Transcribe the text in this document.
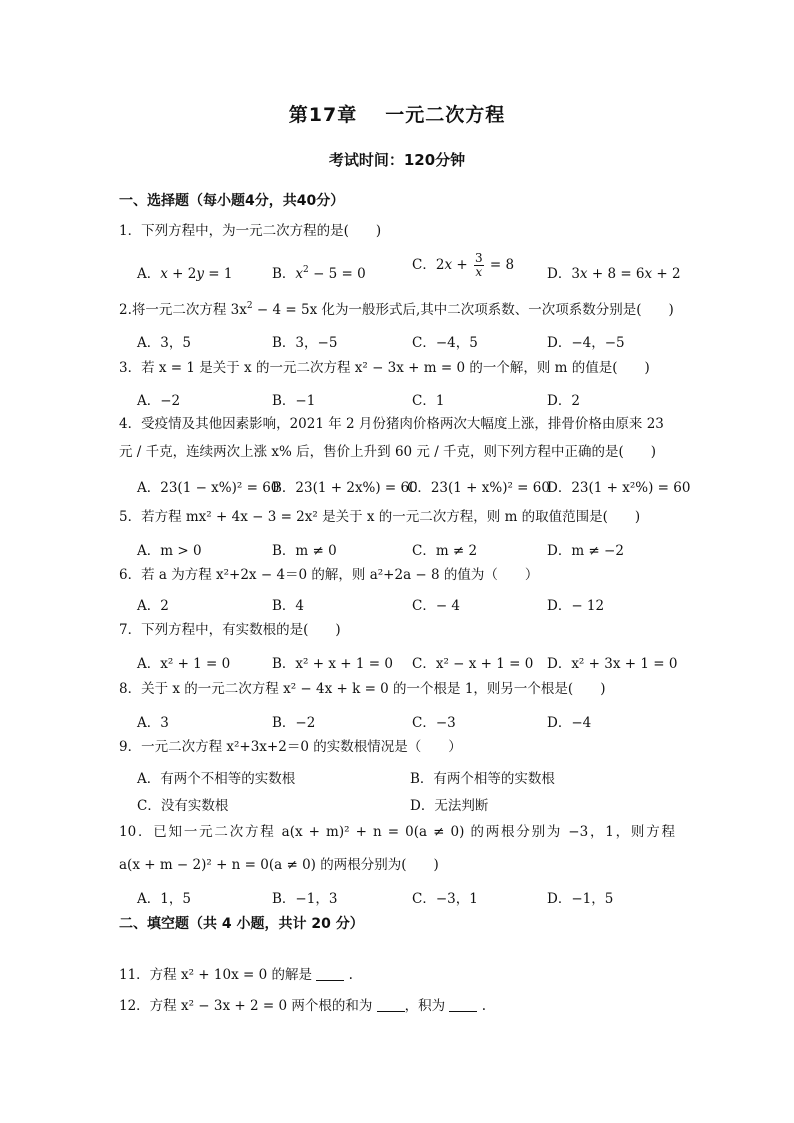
第17章 一元二次方程
考试时间：120分钟
一、选择题（每小题4分，共40分）
1．下列方程中，为一元二次方程的是(　　)
A．x + 2y = 1	B．$x^2 - 5 = 0$
C．$2x + \frac{3}{x} = 8$
D．3x + 8 = 6x + 2
2.将一元二次方程 $3x^2 - 4 = 5x$ 化为一般形式后,其中二次项系数、一次项系数分别是(　　)
A．3，5	B．3，−5	C．−4，5	D．−4，−5
3．若 x = 1 是关于 x 的一元二次方程 x² − 3x + m = 0 的一个解，则 m 的值是(　　)
A．−2	B．−1	C．1	D．2
4．受疫情及其他因素影响，2021 年 2 月份猪肉价格两次大幅度上涨，排骨价格由原来 23
元 / 千克，连续两次上涨 x% 后，售价上升到 60 元 / 千克，则下列方程中正确的是(　　)
A．23(1 − x%)² = 60
B．23(1 + 2x%) = 60
C．23(1 + x%)² = 60
D．23(1 + x²%) = 60
5．若方程 mx² + 4x − 3 = 2x² 是关于 x 的一元二次方程，则 m 的取值范围是(　　)
A．m > 0	B．m ≠ 0	C．m ≠ 2	D．m ≠ −2
6．若 a 为方程 x²+2x − 4＝0 的解，则 a²+2a − 8 的值为（　　）
A．2	B．4	C．− 4	D．− 12
7．下列方程中，有实数根的是(　　)
A．x² + 1 = 0	B．x² + x + 1 = 0 C．x² − x + 1 = 0 D．x² + 3x + 1 = 0
8．关于 x 的一元二次方程 x² − 4x + k = 0 的一个根是 1，则另一个根是(　　)
A．3	B．−2	C．−3	D．−4
9．一元二次方程 x²+3x+2＝0 的实数根情况是（　　）
A．有两个不相等的实数根	B．有两个相等的实数根
C．没有实数根	D．无法判断
10．已知一元二次方程 a(x + m)² + n = 0(a ≠ 0) 的两根分别为 −3，1，则方程
a(x + m − 2)² + n = 0(a ≠ 0) 的两根分别为(　　)
A．1，5	B．−1，3	C．−3，1	D．−1，5
二、填空题（共 4 小题，共计 20 分）
11．方程 x² + 10x = 0 的解是	.
12．方程 x² − 3x + 2 = 0 两个根的和为 ，积为	.
